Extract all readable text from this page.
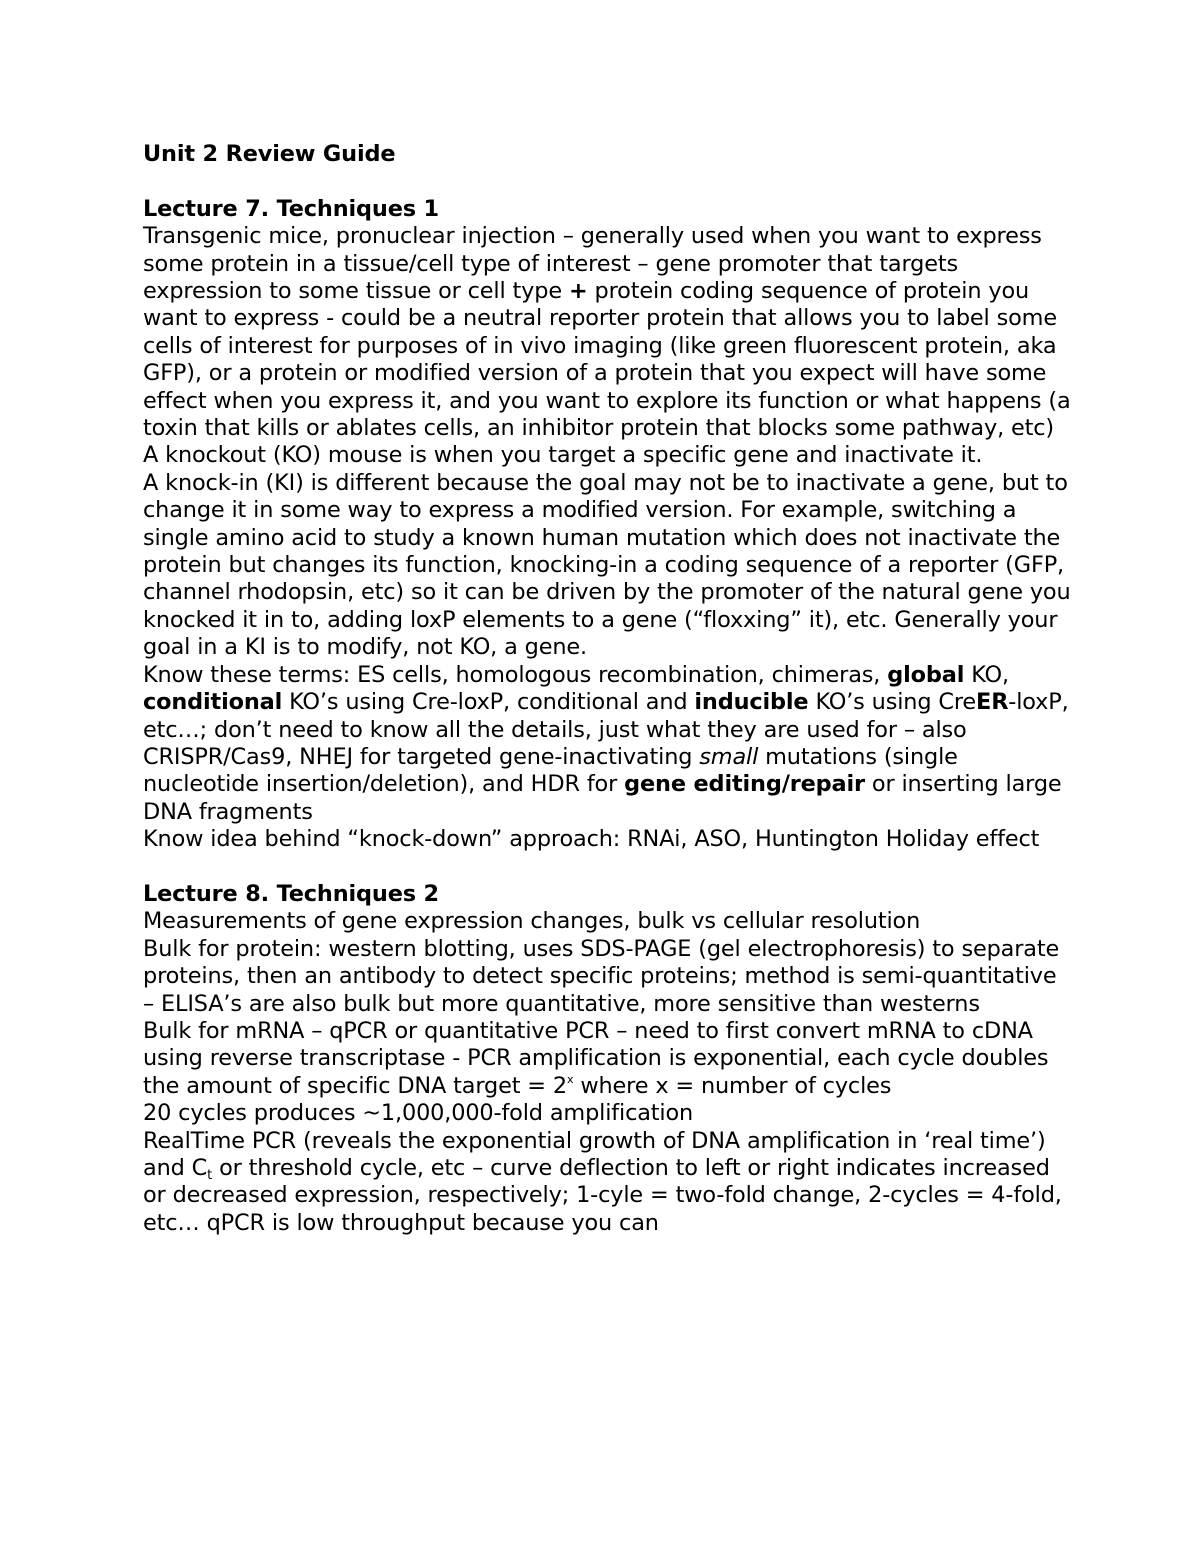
Unit 2 Review Guide

Lecture 7. Techniques 1

Transgenic mice, pronuclear injection – generally used when you want to express some protein in a tissue/cell type of interest – gene promoter that targets expression to some tissue or cell type + protein coding sequence of protein you want to express - could be a neutral reporter protein that allows you to label some cells of interest for purposes of in vivo imaging (like green fluorescent protein, aka GFP), or a protein or modified version of a protein that you expect will have some effect when you express it, and you want to explore its function or what happens (a toxin that kills or ablates cells, an inhibitor protein that blocks some pathway, etc)

A knockout (KO) mouse is when you target a specific gene and inactivate it.

A knock-in (KI) is different because the goal may not be to inactivate a gene, but to change it in some way to express a modified version. For example, switching a single amino acid to study a known human mutation which does not inactivate the protein but changes its function, knocking-in a coding sequence of a reporter (GFP, channel rhodopsin, etc) so it can be driven by the promoter of the natural gene you knocked it in to, adding loxP elements to a gene (“floxxing” it), etc. Generally your goal in a KI is to modify, not KO, a gene.

Know these terms: ES cells, homologous recombination, chimeras, global KO, conditional KO’s using Cre-loxP, conditional and inducible KO’s using CreER-loxP, etc…; don’t need to know all the details, just what they are used for – also CRISPR/Cas9, NHEJ for targeted gene-inactivating small mutations (single nucleotide insertion/deletion), and HDR for gene editing/repair or inserting large DNA fragments

Know idea behind “knock-down” approach: RNAi, ASO, Huntington Holiday effect

Lecture 8. Techniques 2

Measurements of gene expression changes, bulk vs cellular resolution

Bulk for protein: western blotting, uses SDS-PAGE (gel electrophoresis) to separate proteins, then an antibody to detect specific proteins; method is semi-quantitative – ELISA’s are also bulk but more quantitative, more sensitive than westerns

Bulk for mRNA – qPCR or quantitative PCR – need to first convert mRNA to cDNA using reverse transcriptase - PCR amplification is exponential, each cycle doubles the amount of specific DNA target = $2^x$ where x = number of cycles

20 cycles produces ~1,000,000-fold amplification

RealTime PCR (reveals the exponential growth of DNA amplification in ‘real time’) and $C_t$ or threshold cycle, etc – curve deflection to left or right indicates increased or decreased expression, respectively; 1-cyle = two-fold change, 2-cycles = 4-fold, etc… qPCR is low throughput because you can
